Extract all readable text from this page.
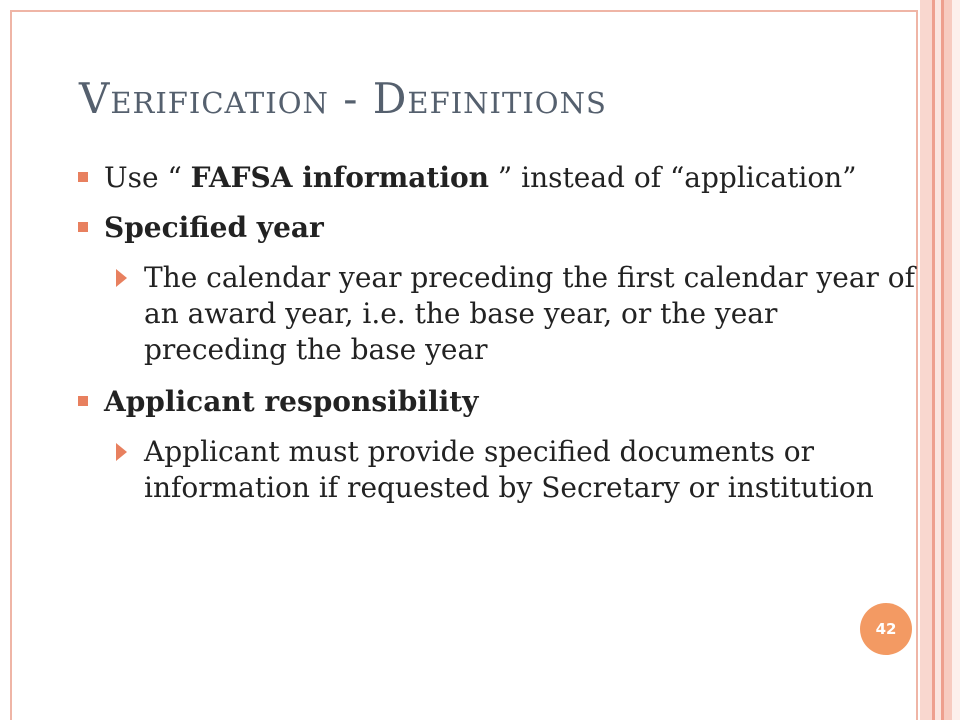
Verification - Definitions
Use “ FAFSA information ” instead of “application”
Specified year
The calendar year preceding the first calendar year of an award year, i.e. the base year, or the year preceding the base year
Applicant responsibility
Applicant must provide specified documents or information if requested by Secretary or institution
42
